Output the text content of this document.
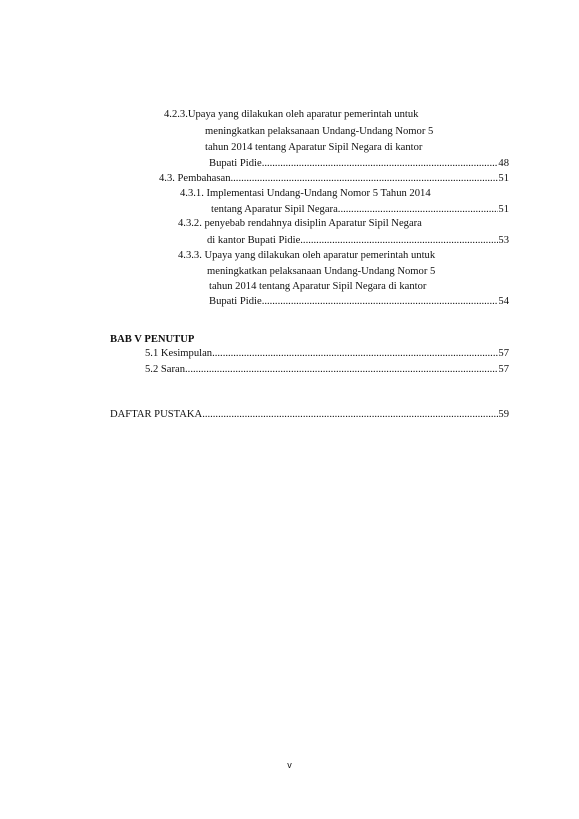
4.2.3.Upaya yang dilakukan oleh aparatur pemerintah untuk
meningkatkan pelaksanaan Undang-Undang Nomor 5
tahun 2014 tentang Aparatur Sipil Negara di kantor
Bupati Pidie .....	48
4.3. Pembahasan .....	51
4.3.1. Implementasi Undang-Undang Nomor 5 Tahun 2014
tentang Aparatur Sipil Negara .....	51
4.3.2. penyebab rendahnya disiplin Aparatur Sipil Negara
di kantor Bupati Pidie .....	53
4.3.3. Upaya yang dilakukan oleh aparatur pemerintah untuk
meningkatkan pelaksanaan Undang-Undang Nomor 5
tahun 2014 tentang Aparatur Sipil Negara di kantor
Bupati Pidie .....	54
BAB V PENUTUP
5.1 Kesimpulan .....	57
5.2 Saran .....	57
DAFTAR PUSTAKA .....	59
v
